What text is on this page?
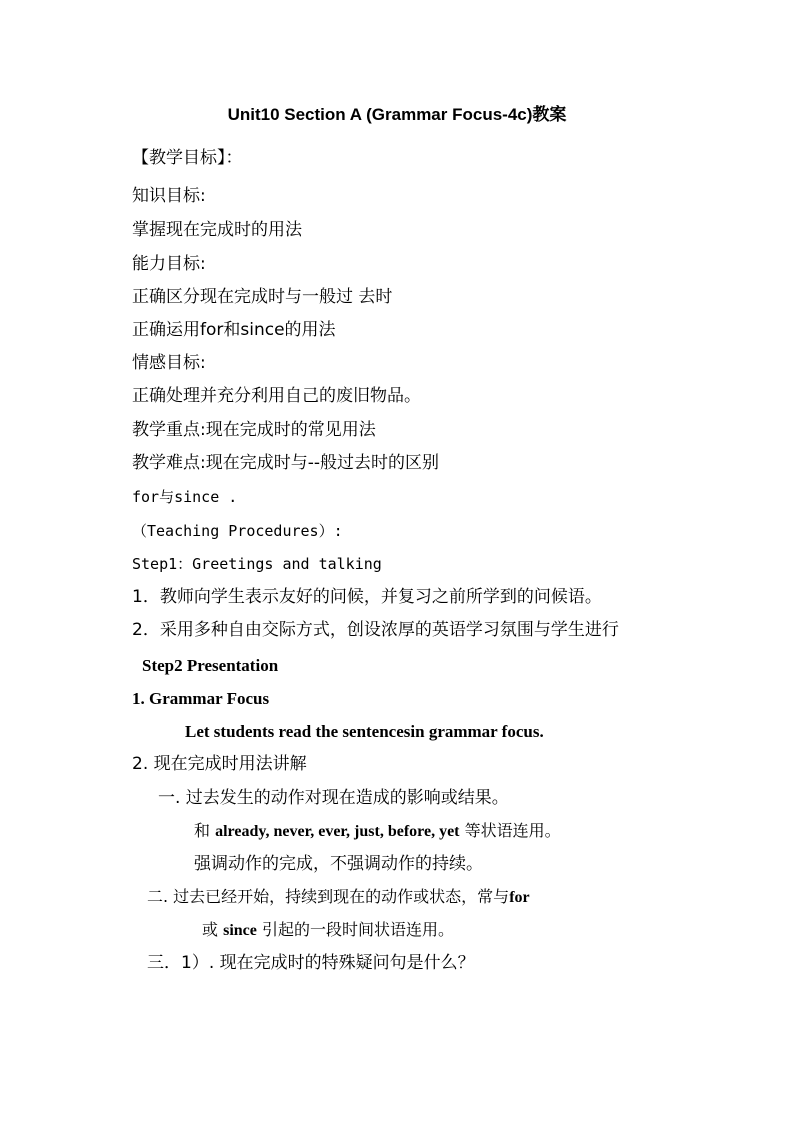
Unit10 Section A (Grammar Focus-4c)教案
【教学目标】：
知识目标:
掌握现在完成时的用法
能力目标:
正确区分现在完成时与一般过 去时
正确运用for和since的用法
情感目标:
正确处理并充分利用自己的废旧物品。
教学重点:现在完成时的常见用法
教学难点:现在完成时与--般过去时的区别
for与since .
（Teaching Procedures）:
Step1：Greetings and talking
1．教师向学生表示友好的问候，并复习之前所学到的问候语。
2．采用多种自由交际方式，创设浓厚的英语学习氛围与学生进行
Step2 Presentation
1. Grammar Focus
Let students read the sentencesin grammar focus.
2. 现在完成时用法讲解
一. 过去发生的动作对现在造成的影响或结果。
和 already, never, ever, just, before, yet 等状语连用。
强调动作的完成，不强调动作的持续。
二. 过去已经开始，持续到现在的动作或状态，常与for
或 since 引起的一段时间状语连用。
三．1）. 现在完成时的特殊疑问句是什么？
